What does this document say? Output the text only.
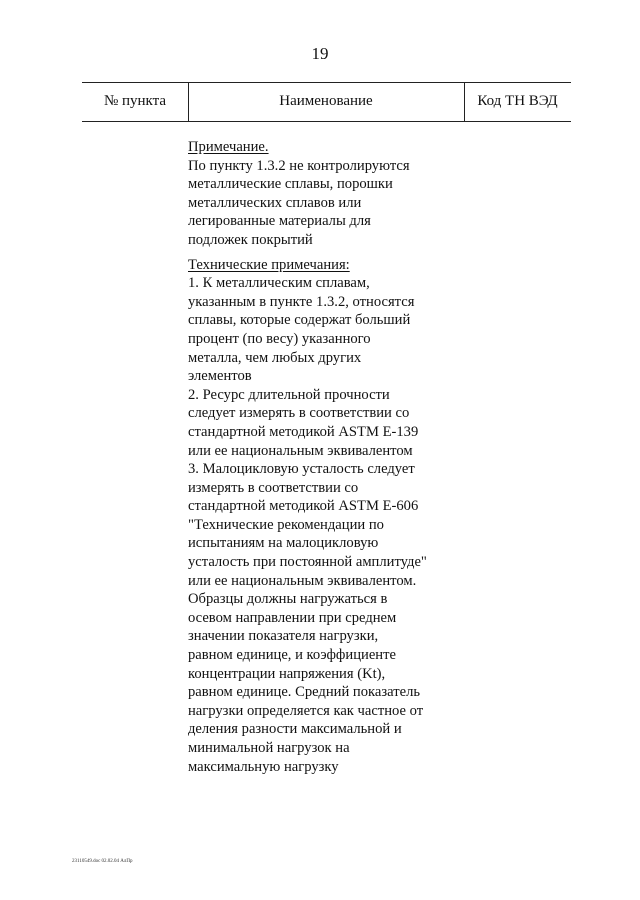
19
№ пункта	Наименование	Код ТН ВЭД

Примечание.

По пункту 1.3.2 не контролируются

металлические сплавы, порошки

металлических сплавов или

легированные материалы для

подложек покрытий

Технические примечания:

1. К металлическим сплавам,

указанным в пункте 1.3.2, относятся

сплавы, которые содержат больший

процент (по весу) указанного

металла, чем любых других

элементов

2. Ресурс длительной прочности

следует измерять в соответствии со

стандартной методикой ASTM E-139

или ее национальным эквивалентом

3. Малоцикловую усталость следует

измерять в соответствии со

стандартной методикой ASTM E-606

"Технические рекомендации по

испытаниям на малоцикловую

усталость при постоянной амплитуде"

или ее национальным эквивалентом.

Образцы должны нагружаться в

осевом направлении при среднем

значении показателя нагрузки,

равном единице, и коэффициенте

концентрации напряжения (Kt),

равном единице. Средний показатель

нагрузки определяется как частное от

деления разности максимальной и

минимальной нагрузок на

максимальную нагрузку

23110549.doc 02.02.04 АлПр
